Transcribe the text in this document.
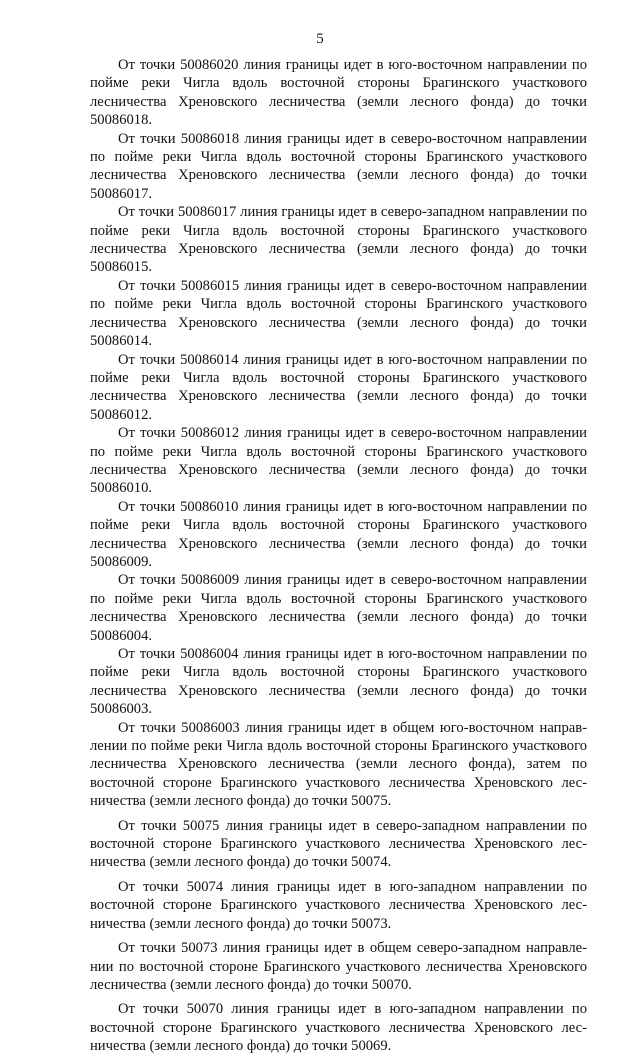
5

От точки 50086020 линия границы идет в юго-восточном направлении по пойме реки Чигла вдоль восточной стороны Брагинского участкового лесничества Хреновского лесничества (земли лесного фонда) до точки 50086018.

От точки 50086018 линия границы идет в северо-восточном направлении по пойме реки Чигла вдоль восточной стороны Брагинского участкового лесничества Хреновского лесничества (земли лесного фонда) до точки 50086017.

От точки 50086017 линия границы идет в северо-западном направлении по пойме реки Чигла вдоль восточной стороны Брагинского участкового лесничества Хреновского лесничества (земли лесного фонда) до точки 50086015.

От точки 50086015 линия границы идет в северо-восточном направлении по пойме реки Чигла вдоль восточной стороны Брагинского участкового лесничества Хреновского лесничества (земли лесного фонда) до точки 50086014.

От точки 50086014 линия границы идет в юго-восточном направлении по пойме реки Чигла вдоль восточной стороны Брагинского участкового лесничества Хреновского лесничества (земли лесного фонда) до точки 50086012.

От точки 50086012 линия границы идет в северо-восточном направлении по пойме реки Чигла вдоль восточной стороны Брагинского участкового лесничества Хреновского лесничества (земли лесного фонда) до точки 50086010.

От точки 50086010 линия границы идет в юго-восточном направлении по пойме реки Чигла вдоль восточной стороны Брагинского участкового лесничества Хреновского лесничества (земли лесного фонда) до точки 50086009.

От точки 50086009 линия границы идет в северо-восточном направлении по пойме реки Чигла вдоль восточной стороны Брагинского участкового лесничества Хреновского лесничества (земли лесного фонда) до точки 50086004.

От точки 50086004 линия границы идет в юго-восточном направлении по пойме реки Чигла вдоль восточной стороны Брагинского участкового лесничества Хреновского лесничества (земли лесного фонда) до точки 50086003.

От точки 50086003 линия границы идет в общем юго-восточном направлении по пойме реки Чигла вдоль восточной стороны Брагинского участкового лесничества Хреновского лесничества (земли лесного фонда), затем по восточной стороне Брагинского участкового лесничества Хреновского лесничества (земли лесного фонда) до точки 50075.

От точки 50075 линия границы идет в северо-западном направлении по восточной стороне Брагинского участкового лесничества Хреновского лесничества (земли лесного фонда) до точки 50074.

От точки 50074 линия границы идет в юго-западном направлении по восточной стороне Брагинского участкового лесничества Хреновского лесничества (земли лесного фонда) до точки 50073.

От точки 50073 линия границы идет в общем северо-западном направлении по восточной стороне Брагинского участкового лесничества Хреновского лесничества (земли лесного фонда) до точки 50070.

От точки 50070 линия границы идет в юго-западном направлении по восточной стороне Брагинского участкового лесничества Хреновского лесничества (земли лесного фонда) до точки 50069.
